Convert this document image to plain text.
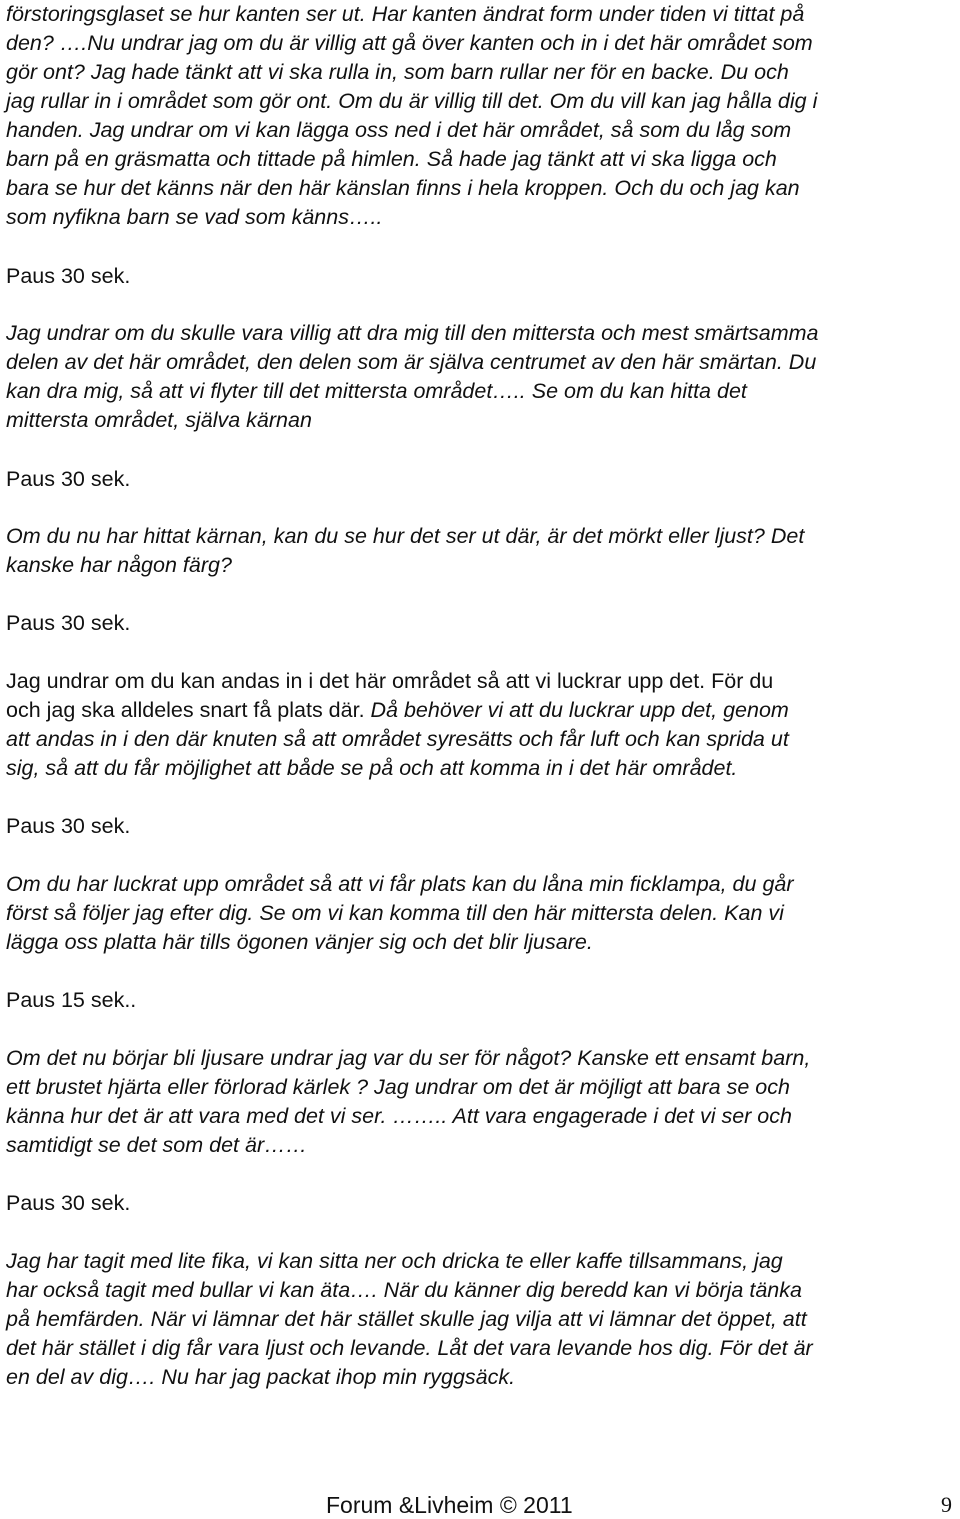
förstoringsglaset se hur kanten ser ut. Har kanten ändrat form under tiden vi tittat på
den? ….Nu undrar jag om du är villig att gå över kanten och in i det här området som
gör ont? Jag hade tänkt att vi ska rulla in, som barn rullar ner för en backe. Du och
jag rullar in i området som gör ont. Om du är villig till det. Om du vill kan jag hålla dig i
handen. Jag undrar om vi kan lägga oss ned i det här området, så som du låg som
barn på en gräsmatta och tittade på himlen. Så hade jag tänkt att vi ska ligga och
bara se hur det känns när den här känslan finns i hela kroppen. Och du och jag kan
som nyfikna barn se vad som känns…..
Paus 30 sek.
Jag undrar om du skulle vara villig att dra mig till den mittersta och mest smärtsamma
delen av det här området, den delen som är själva centrumet av den här smärtan. Du
kan dra mig, så att vi flyter till det mittersta området….. Se om du kan hitta det
mittersta området, själva kärnan
Paus 30 sek.
Om du nu har hittat kärnan, kan du se hur det ser ut där, är det mörkt eller ljust? Det
kanske har någon färg?
Paus 30 sek.
Jag undrar om du kan andas in i det här området så att vi luckrar upp det. För du
och jag ska alldeles snart få plats där. Då behöver vi att du luckrar upp det, genom
att andas in i den där knuten så att området syresätts och får luft och kan sprida ut
sig, så att du får möjlighet att både se på och att komma in i det här området.
Paus 30 sek.
Om du har luckrat upp området så att vi får plats kan du låna min ficklampa, du går
först så följer jag efter dig. Se om vi kan komma till den här mittersta delen. Kan vi
lägga oss platta här tills ögonen vänjer sig och det blir ljusare.
Paus 15 sek..
Om det nu börjar bli ljusare undrar jag var du ser för något? Kanske ett ensamt barn,
ett brustet hjärta eller förlorad kärlek ? Jag undrar om det är möjligt att bara se och
känna hur det är att vara med det vi ser. …….. Att vara engagerade i det vi ser och
samtidigt se det som det är……
Paus 30 sek.
Jag har tagit med lite fika, vi kan sitta ner och dricka te eller kaffe tillsammans, jag
har också tagit med bullar vi kan äta…. När du känner dig beredd kan vi börja tänka
på hemfärden. När vi lämnar det här stället skulle jag vilja att vi lämnar det öppet, att
det här stället i dig får vara ljust och levande. Låt det vara levande hos dig. För det är
en del av dig…. Nu har jag packat ihop min ryggsäck.
Forum &Livheim © 2011	9
